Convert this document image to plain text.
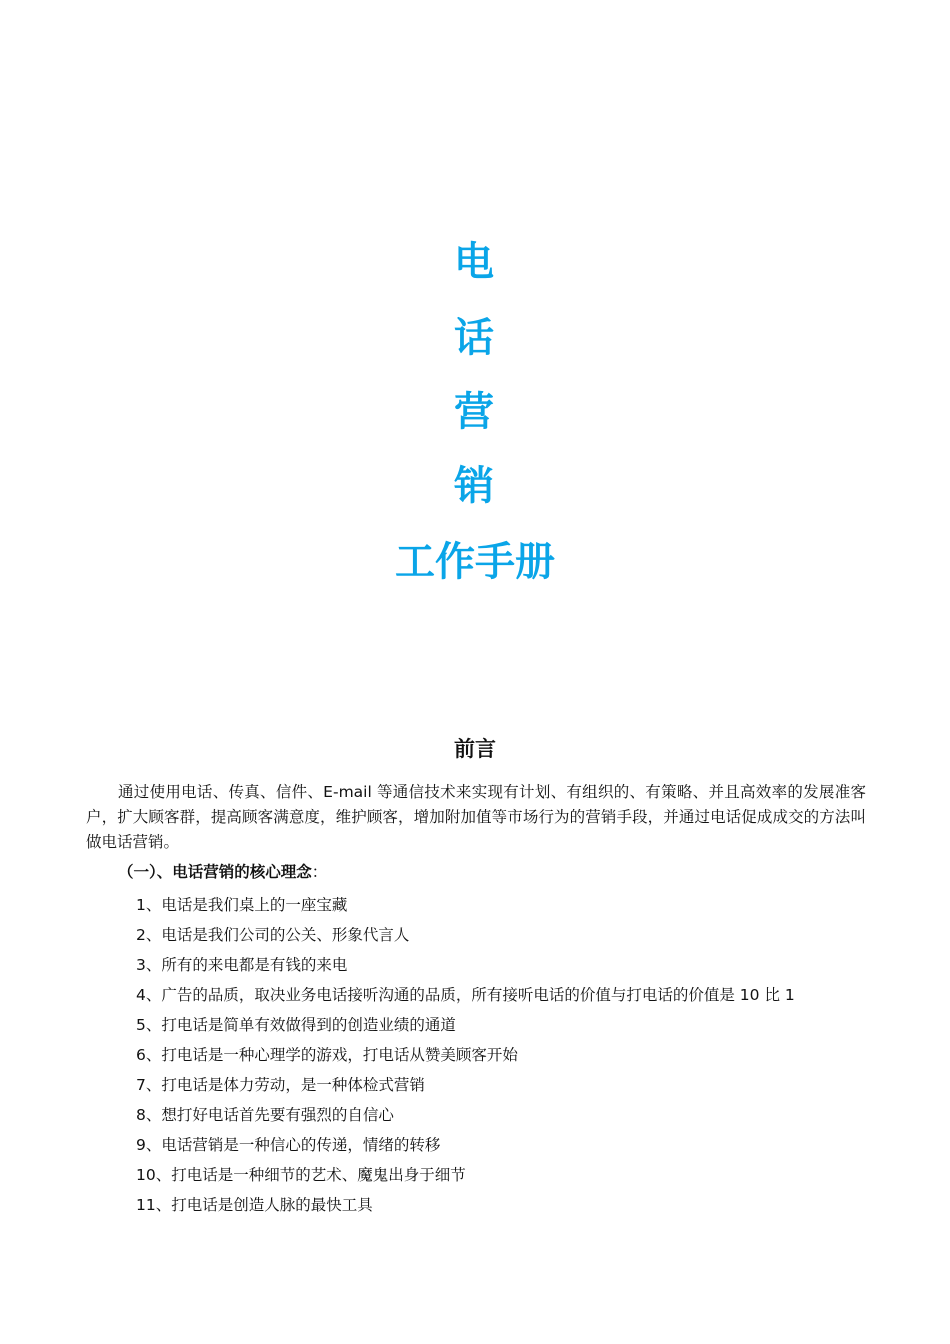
电
话
营
销
工作手册
前言

通过使用电话、传真、信件、E-mail 等通信技术来实现有计划、有组织的、有策略、并且高效率的发展准客户，扩大顾客群，提高顾客满意度，维护顾客，增加附加值等市场行为的营销手段，并通过电话促成成交的方法叫做电话营销。

（一）、电话营销的核心理念：
1、电话是我们桌上的一座宝藏
2、电话是我们公司的公关、形象代言人
3、所有的来电都是有钱的来电
4、广告的品质，取决业务电话接听沟通的品质，所有接听电话的价值与打电话的价值是 10 比 1
5、打电话是简单有效做得到的创造业绩的通道
6、打电话是一种心理学的游戏，打电话从赞美顾客开始
7、打电话是体力劳动，是一种体检式营销
8、想打好电话首先要有强烈的自信心
9、电话营销是一种信心的传递，情绪的转移
10、打电话是一种细节的艺术、魔鬼出身于细节
11、打电话是创造人脉的最快工具
